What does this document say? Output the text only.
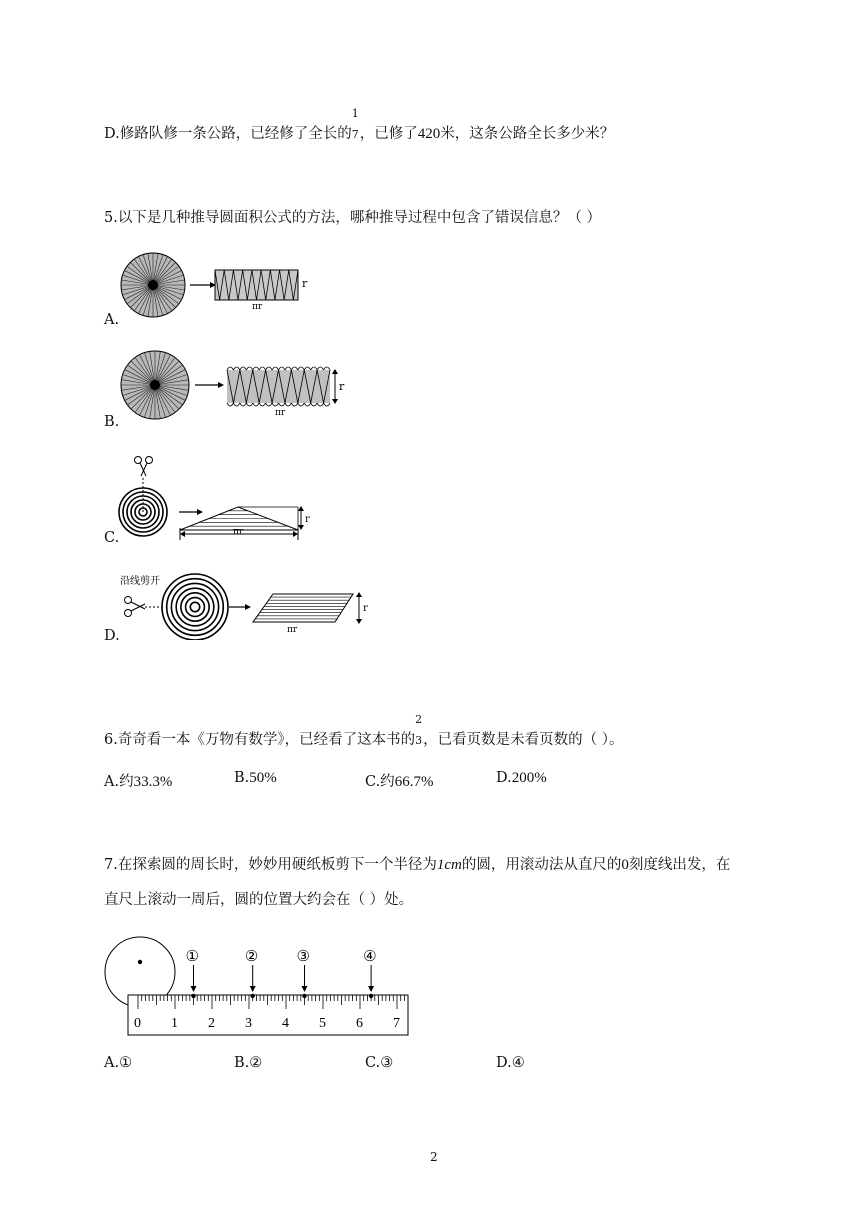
D.修路队修一条公路，已经修了全长的
1
7，已修了420米，这条公路全长多少米？
5.以下是几种推导圆面积公式的方法，哪种推导过程中包含了错误信息？（ ）
r
πr
A.
r
πr
B.
r
πr
C.
沿线剪开
r
πr
D.
6.奇奇看一本《万物有数学》，已经看了这本书的
2
3，已看页数是未看页数的（ ）。
A.约33.3%	B.50%	C.约66.7%	D.200%
7.在探索圆的周长时，妙妙用硬纸板剪下一个半径为1cm的圆，用滚动法从直尺的0刻度线出发，在
直尺上滚动一周后，圆的位置大约会在（ ）处。
0 1 2 3 4 5 6 7
①	②	③	④
A.①	B.②	C.③	D.④
2
